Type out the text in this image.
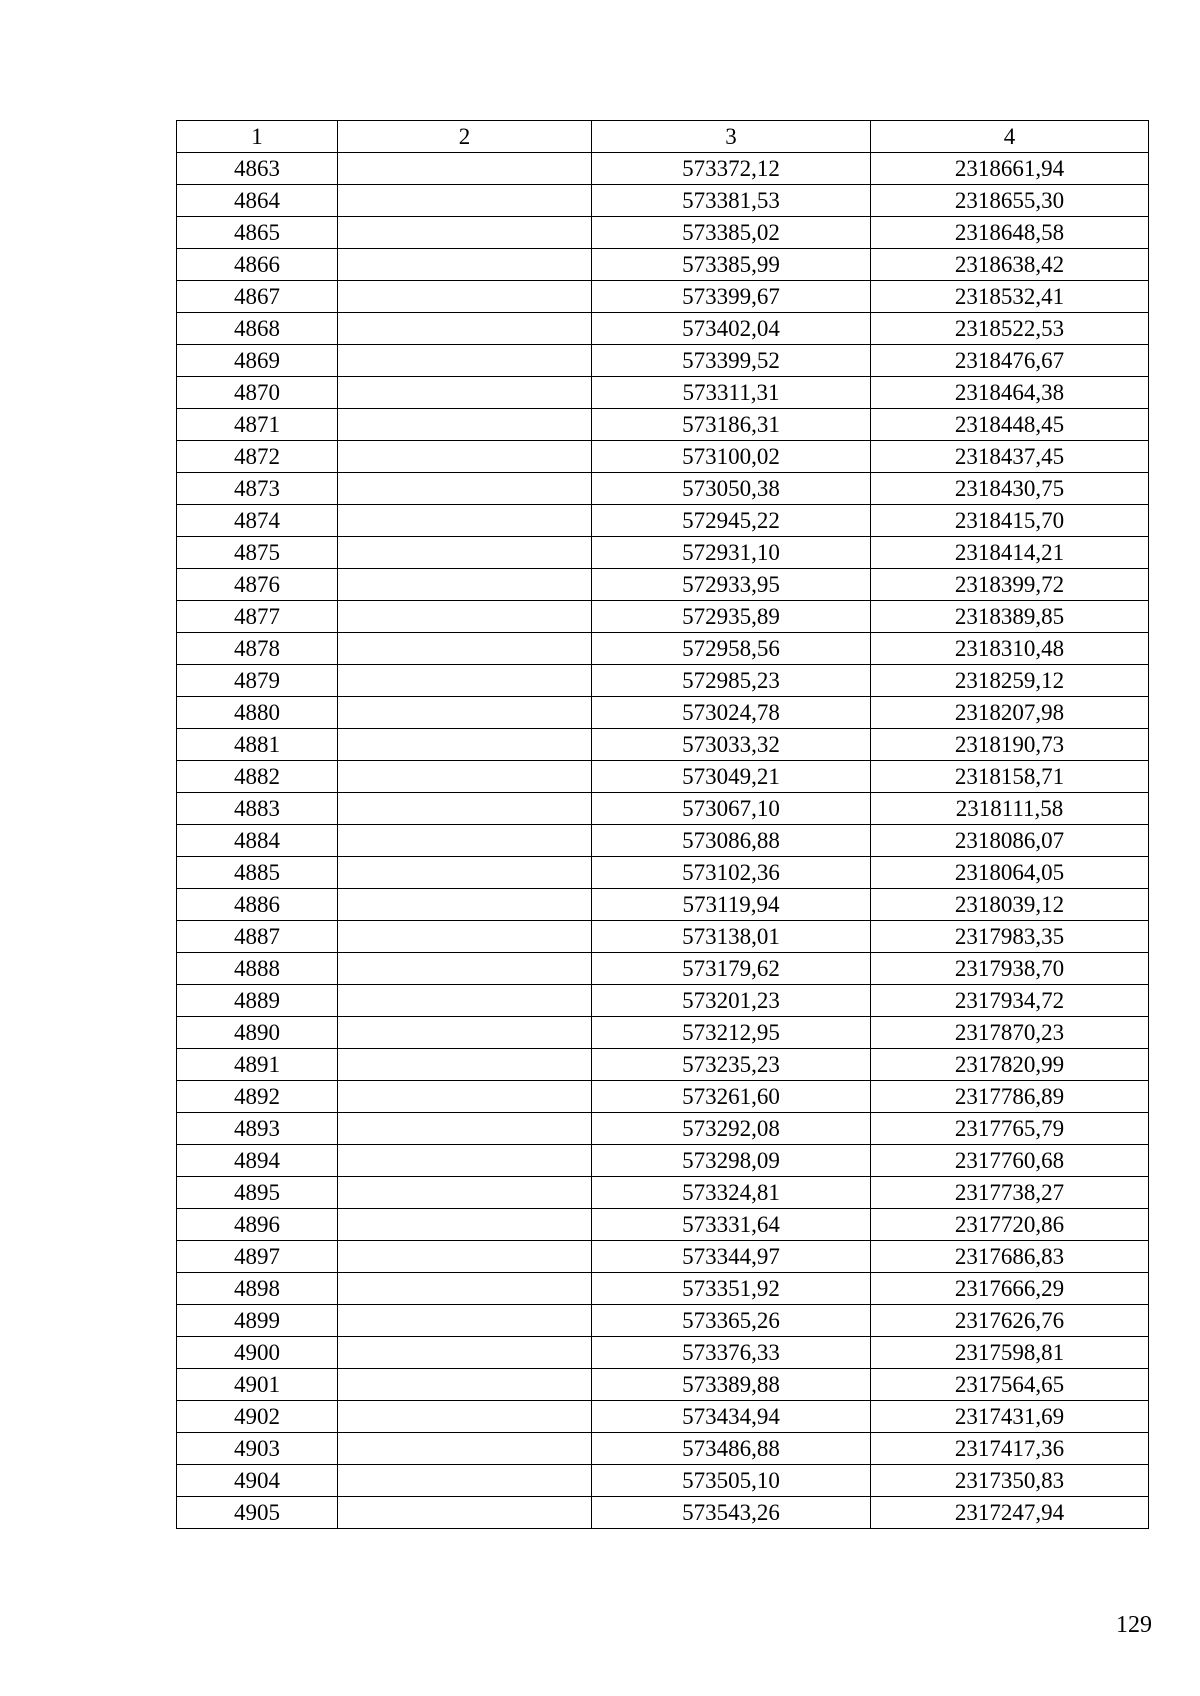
1	2	3	4
4863		573372,12	2318661,94
4864		573381,53	2318655,30
4865		573385,02	2318648,58
4866		573385,99	2318638,42
4867		573399,67	2318532,41
4868		573402,04	2318522,53
4869		573399,52	2318476,67
4870		573311,31	2318464,38
4871		573186,31	2318448,45
4872		573100,02	2318437,45
4873		573050,38	2318430,75
4874		572945,22	2318415,70
4875		572931,10	2318414,21
4876		572933,95	2318399,72
4877		572935,89	2318389,85
4878		572958,56	2318310,48
4879		572985,23	2318259,12
4880		573024,78	2318207,98
4881		573033,32	2318190,73
4882		573049,21	2318158,71
4883		573067,10	2318111,58
4884		573086,88	2318086,07
4885		573102,36	2318064,05
4886		573119,94	2318039,12
4887		573138,01	2317983,35
4888		573179,62	2317938,70
4889		573201,23	2317934,72
4890		573212,95	2317870,23
4891		573235,23	2317820,99
4892		573261,60	2317786,89
4893		573292,08	2317765,79
4894		573298,09	2317760,68
4895		573324,81	2317738,27
4896		573331,64	2317720,86
4897		573344,97	2317686,83
4898		573351,92	2317666,29
4899		573365,26	2317626,76
4900		573376,33	2317598,81
4901		573389,88	2317564,65
4902		573434,94	2317431,69
4903		573486,88	2317417,36
4904		573505,10	2317350,83
4905		573543,26	2317247,94
129
